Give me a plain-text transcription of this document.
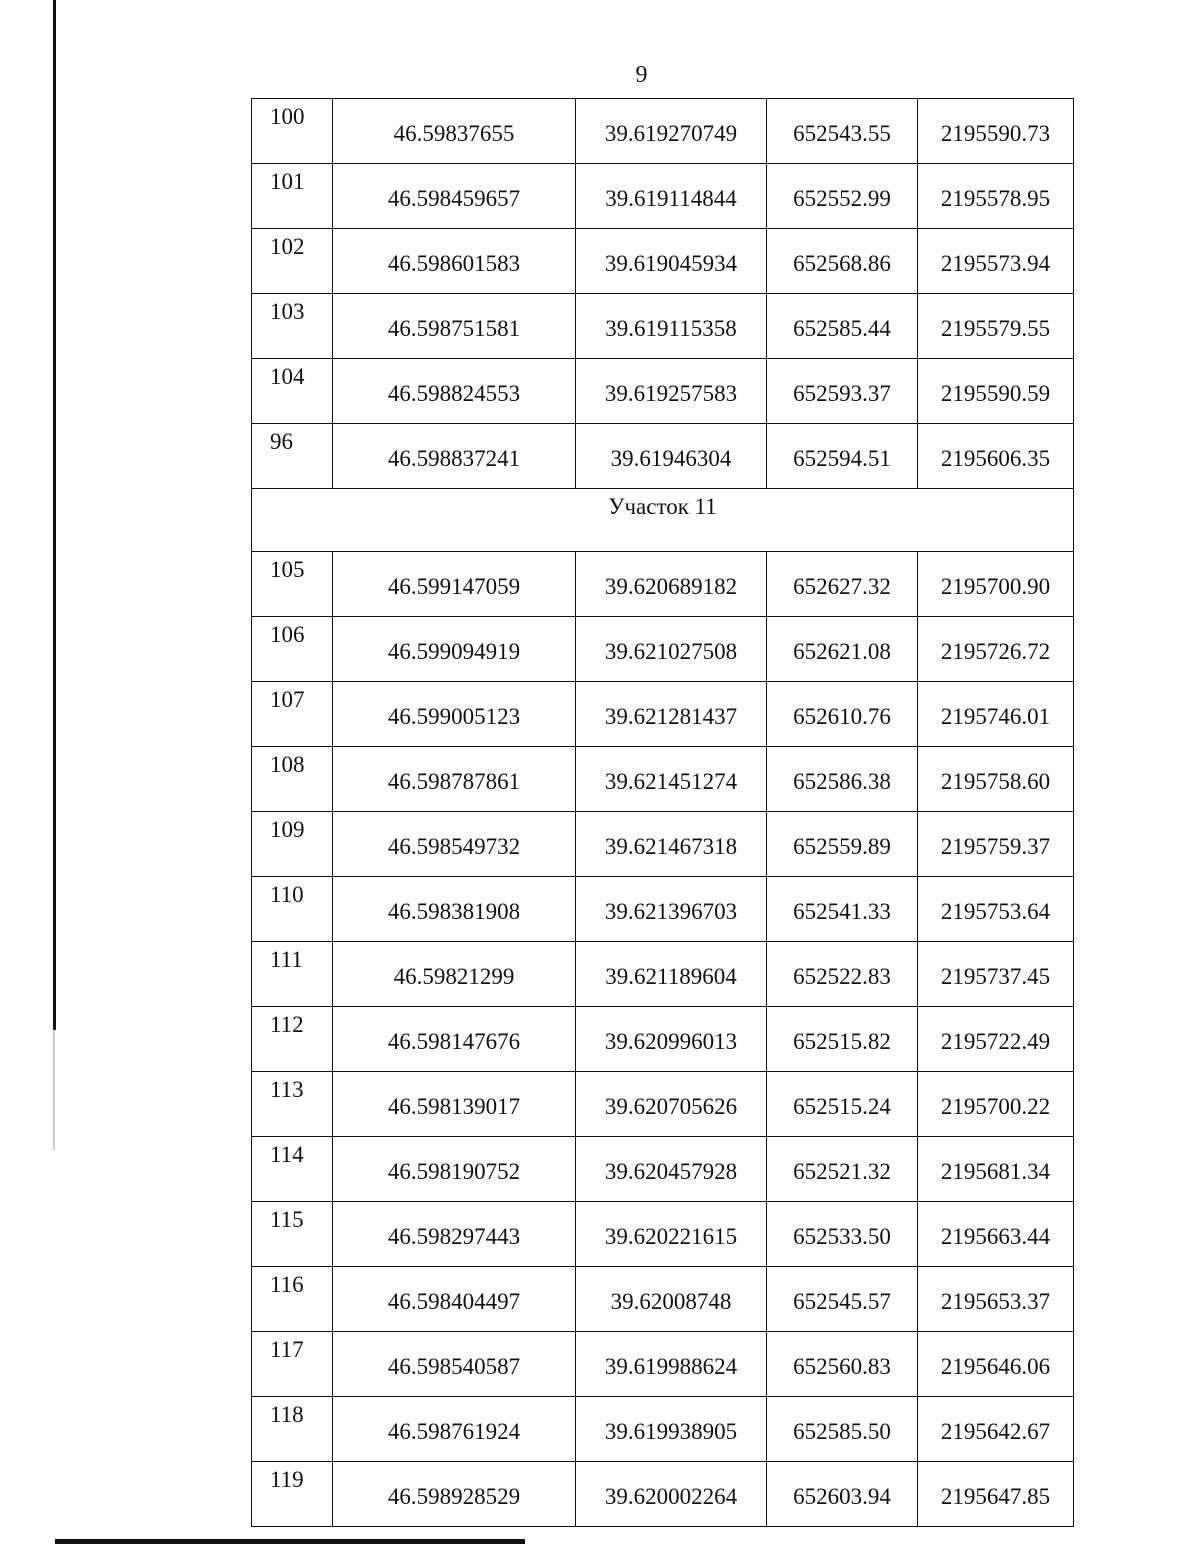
9
100	46.59837655	39.619270749	652543.55	2195590.73
101	46.598459657	39.619114844	652552.99	2195578.95
102	46.598601583	39.619045934	652568.86	2195573.94
103	46.598751581	39.619115358	652585.44	2195579.55
104	46.598824553	39.619257583	652593.37	2195590.59
96	46.598837241	39.61946304	652594.51	2195606.35
Участок 11				
105	46.599147059	39.620689182	652627.32	2195700.90
106	46.599094919	39.621027508	652621.08	2195726.72
107	46.599005123	39.621281437	652610.76	2195746.01
108	46.598787861	39.621451274	652586.38	2195758.60
109	46.598549732	39.621467318	652559.89	2195759.37
110	46.598381908	39.621396703	652541.33	2195753.64
111	46.59821299	39.621189604	652522.83	2195737.45
112	46.598147676	39.620996013	652515.82	2195722.49
113	46.598139017	39.620705626	652515.24	2195700.22
114	46.598190752	39.620457928	652521.32	2195681.34
115	46.598297443	39.620221615	652533.50	2195663.44
116	46.598404497	39.62008748	652545.57	2195653.37
117	46.598540587	39.619988624	652560.83	2195646.06
118	46.598761924	39.619938905	652585.50	2195642.67
119	46.598928529	39.620002264	652603.94	2195647.85
